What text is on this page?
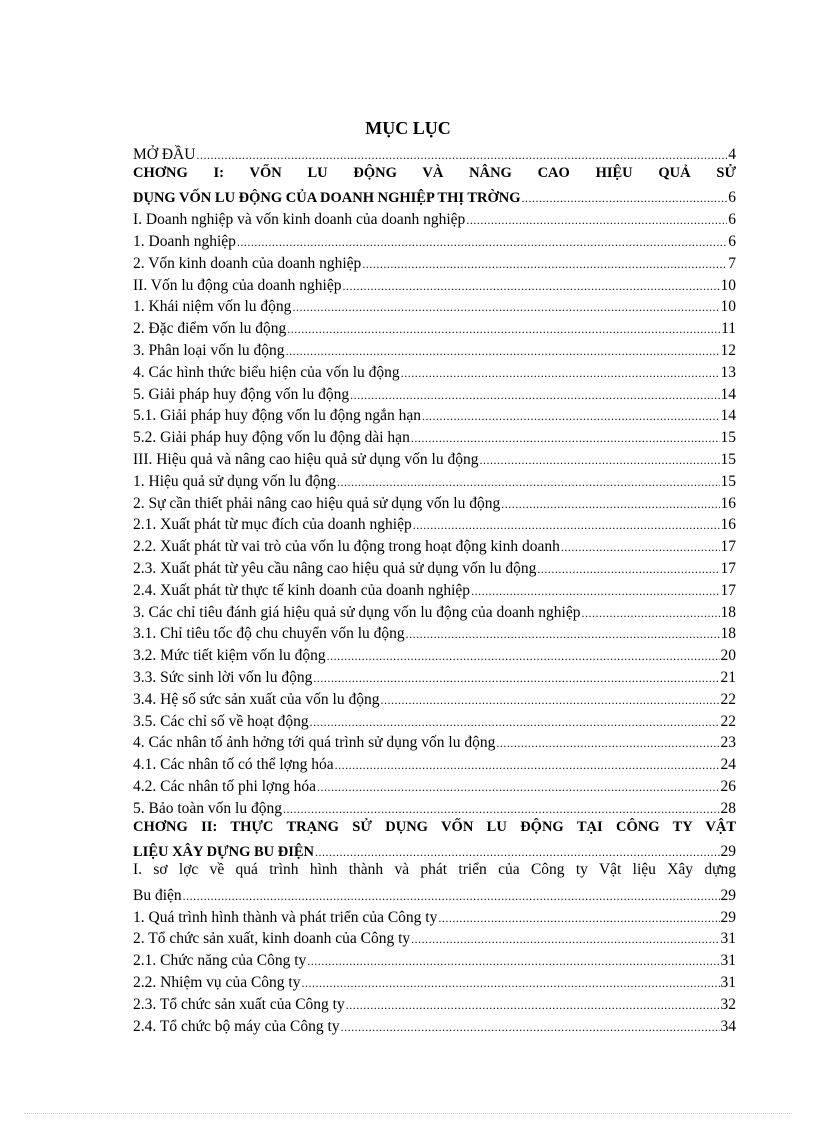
MỤC LỤC
MỞ ĐẦU .....	4
CHƠNG I: VỐN LU ĐỘNG VÀ NÂNG CAO HIỆU QUẢ SỬ
DỤNG VỐN LU ĐỘNG CỦA DOANH NGHIỆP THỊ TRỜNG .....	6
I. Doanh nghiệp và vốn kinh doanh của doanh nghiệp .....	6
1. Doanh nghiệp .....	6
2. Vốn kinh doanh của doanh nghiệp .....	7
II. Vốn lu động của doanh nghiệp .....	10
1. Khái niệm vốn lu động .....	10
2. Đặc điểm vốn lu động .....	11
3. Phân loại vốn lu động .....	12
4. Các hình thức biểu hiện của vốn lu động .....	13
5. Giải pháp huy động vốn lu động .....	14
5.1. Giải pháp huy động vốn lu động ngắn hạn .....	14
5.2. Giải pháp huy động vốn lu động dài hạn .....	15
III. Hiệu quả và nâng cao hiệu quả sử dụng vốn lu động .....	15
1. Hiệu quả sử dụng vốn lu động .....	15
2. Sự cần thiết phải nâng cao hiệu quả sử dụng vốn lu động .....	16
2.1. Xuất phát từ mục đích của doanh nghiệp .....	16
2.2. Xuất phát từ vai trò của vốn lu động trong hoạt động kinh doanh .....	17
2.3. Xuất phát từ yêu cầu nâng cao hiệu quả sử dụng vốn lu động .....	17
2.4. Xuất phát từ thực tế kinh doanh của doanh nghiệp .....	17
3. Các chỉ tiêu đánh giá hiệu quả sử dụng vốn lu động của doanh nghiệp .....	18
3.1. Chỉ tiêu tốc độ chu chuyển vốn lu động .....	18
3.2. Mức tiết kiệm vốn lu động .....	20
3.3. Sức sinh lời vốn lu động .....	21
3.4. Hệ số sức sản xuất của vốn lu động .....	22
3.5. Các chỉ số về hoạt động .....	22
4. Các nhân tố ảnh hởng tới quá trình sử dụng vốn lu động .....	23
4.1. Các nhân tố có thể lợng hóa .....	24
4.2. Các nhân tố phi lợng hóa .....	26
5. Bảo toàn vốn lu động .....	28
CHƠNG II: THỰC TRẠNG SỬ DỤNG VỐN LU ĐỘNG TẠI CÔNG TY VẬT
LIỆU XÂY DỰNG BU ĐIỆN .....	29
I. sơ lợc về quá trình hình thành và phát triển của Công ty Vật liệu Xây dựng
Bu điện .....	29
1. Quá trình hình thành và phát triển của Công ty .....	29
2. Tổ chức sản xuất, kinh doanh của Công ty .....	31
2.1. Chức năng của Công ty .....	31
2.2. Nhiệm vụ của Công ty .....	31
2.3. Tổ chức sản xuất của Công ty .....	32
2.4. Tổ chức bộ máy của Công ty .....	34
